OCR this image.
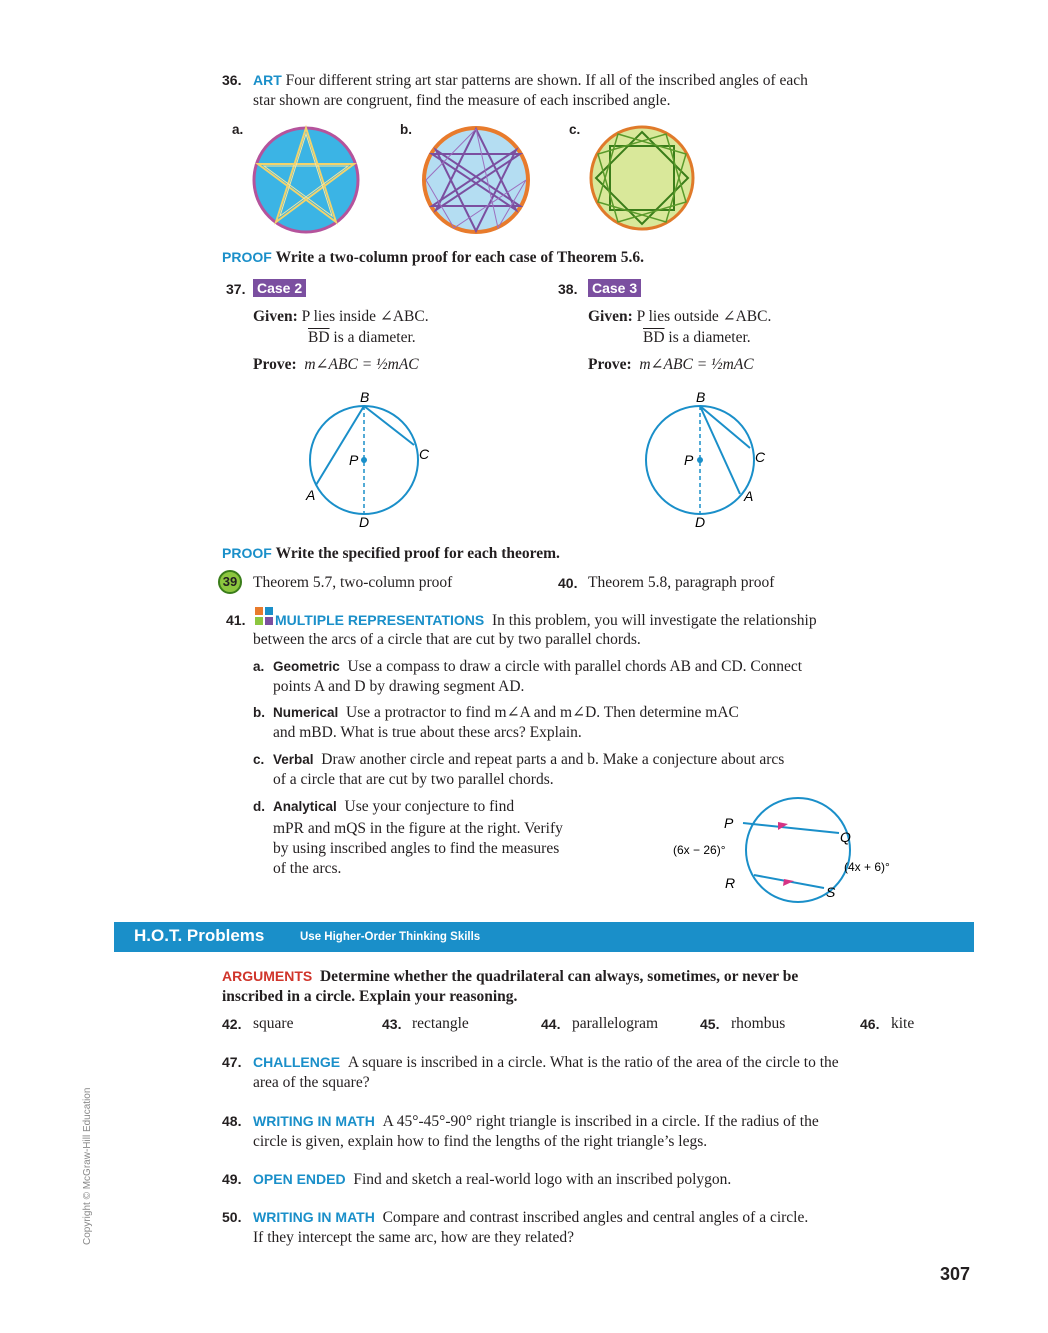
36. ART Four different string art star patterns are shown. If all of the inscribed angles of each
star shown are congruent, find the measure of each inscribed angle.
a.	b.	c.
PROOF Write a two-column proof for each case of Theorem 5.6.
37. Case 2
Given: P lies inside ∠ABC.
$\overline{BD}$ is a diameter.
Prove: m∠ABC = ½mAC
B
P	C
A
D
38. Case 3
Given: P lies outside ∠ABC.
$\overline{BD}$ is a diameter.
Prove: m∠ABC = ½mAC
B
P	C
A
D
PROOF Write the specified proof for each theorem.
39	Theorem 5.7, two-column proof	40. Theorem 5.8, paragraph proof
41. MULTIPLE REPRESENTATIONS In this problem, you will investigate the relationship
between the arcs of a circle that are cut by two parallel chords.
a. Geometric Use a compass to draw a circle with parallel chords AB and CD. Connect
points A and D by drawing segment AD.
b. Numerical Use a protractor to find m∠A and m∠D. Then determine mAC
and mBD. What is true about these arcs? Explain.
c. Verbal Draw another circle and repeat parts a and b. Make a conjecture about arcs
of a circle that are cut by two parallel chords.
d. Analytical Use your conjecture to find
mPR and mQS in the figure at the right. Verify
by using inscribed angles to find the measures
of the arcs.
P
Q
R
S
(6x − 26)°
(4x + 6)°
H.O.T. Problems	Use Higher-Order Thinking Skills
ARGUMENTS Determine whether the quadrilateral can always, sometimes, or never be
inscribed in a circle. Explain your reasoning.
42. square	43. rectangle	44. parallelogram	45. rhombus	46. kite
47. CHALLENGE A square is inscribed in a circle. What is the ratio of the area of the circle to the
area of the square?
48. WRITING IN MATH A 45°-45°-90° right triangle is inscribed in a circle. If the radius of the
circle is given, explain how to find the lengths of the right triangle’s legs.
49. OPEN ENDED Find and sketch a real-world logo with an inscribed polygon.
50. WRITING IN MATH Compare and contrast inscribed angles and central angles of a circle.
If they intercept the same arc, how are they related?
Copyright © McGraw-Hill Education
307
